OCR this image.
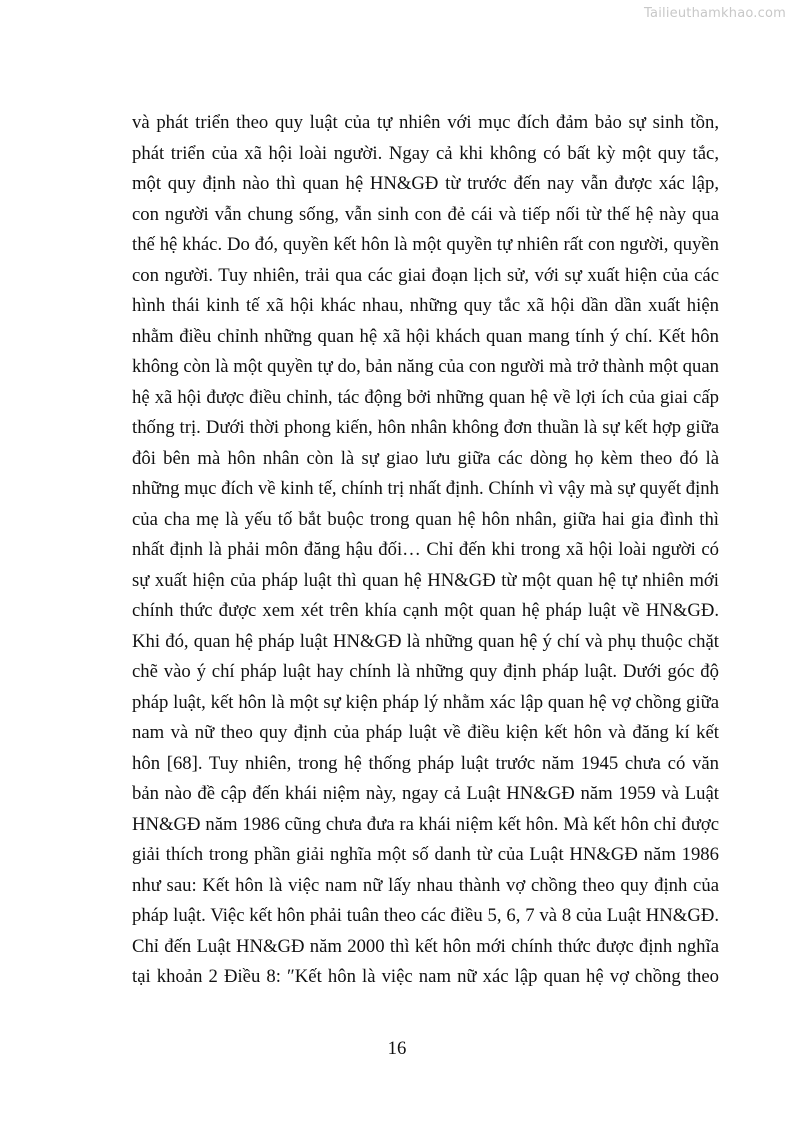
Tailieuthamkhao.com
và phát triển theo quy luật của tự nhiên với mục đích đảm bảo sự sinh tồn,
phát triển của xã hội loài người. Ngay cả khi không có bất kỳ một quy tắc,
một quy định nào thì quan hệ HN&GĐ từ trước đến nay vẫn được xác lập,
con người vẫn chung sống, vẫn sinh con đẻ cái và tiếp nối từ thế hệ này qua
thế hệ khác. Do đó, quyền kết hôn là một quyền tự nhiên rất con người, quyền
con người. Tuy nhiên, trải qua các giai đoạn lịch sử, với sự xuất hiện của các
hình thái kinh tế xã hội khác nhau, những quy tắc xã hội dần dần xuất hiện
nhằm điều chỉnh những quan hệ xã hội khách quan mang tính ý chí. Kết hôn
không còn là một quyền tự do, bản năng của con người mà trở thành một quan
hệ xã hội được điều chỉnh, tác động bởi những quan hệ về lợi ích của giai cấp
thống trị. Dưới thời phong kiến, hôn nhân không đơn thuần là sự kết hợp giữa
đôi bên mà hôn nhân còn là sự giao lưu giữa các dòng họ kèm theo đó là
những mục đích về kinh tế, chính trị nhất định. Chính vì vậy mà sự quyết định
của cha mẹ là yếu tố bắt buộc trong quan hệ hôn nhân, giữa hai gia đình thì
nhất định là phải môn đăng hậu đối… Chỉ đến khi trong xã hội loài người có
sự xuất hiện của pháp luật thì quan hệ HN&GĐ từ một quan hệ tự nhiên mới
chính thức được xem xét trên khía cạnh một quan hệ pháp luật về HN&GĐ.
Khi đó, quan hệ pháp luật HN&GĐ là những quan hệ ý chí và phụ thuộc chặt
chẽ vào ý chí pháp luật hay chính là những quy định pháp luật. Dưới góc độ
pháp luật, kết hôn là một sự kiện pháp lý nhằm xác lập quan hệ vợ chồng giữa
nam và nữ theo quy định của pháp luật về điều kiện kết hôn và đăng kí kết
hôn [68]. Tuy nhiên, trong hệ thống pháp luật trước năm 1945 chưa có văn
bản nào đề cập đến khái niệm này, ngay cả Luật HN&GĐ năm 1959 và Luật
HN&GĐ năm 1986 cũng chưa đưa ra khái niệm kết hôn. Mà kết hôn chỉ được
giải thích trong phần giải nghĩa một số danh từ của Luật HN&GĐ năm 1986
như sau: Kết hôn là việc nam nữ lấy nhau thành vợ chồng theo quy định của
pháp luật. Việc kết hôn phải tuân theo các điều 5, 6, 7 và 8 của Luật HN&GĐ.
Chỉ đến Luật HN&GĐ năm 2000 thì kết hôn mới chính thức được định nghĩa
tại khoản 2 Điều 8: ″Kết hôn là việc nam nữ xác lập quan hệ vợ chồng theo
16
